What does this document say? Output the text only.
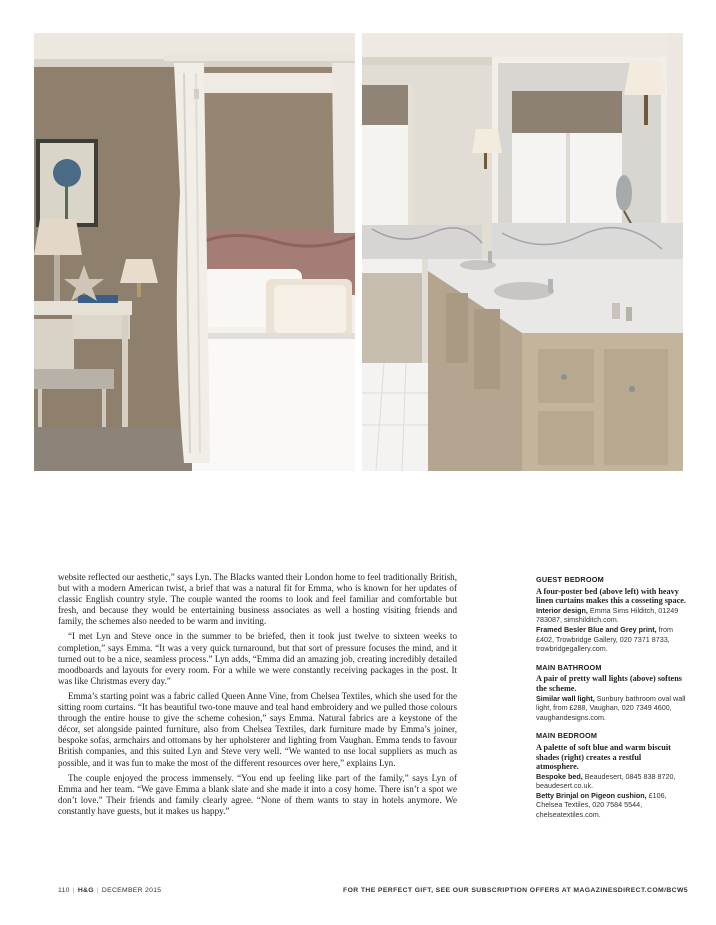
website reflected our aesthetic,” says Lyn. The Blacks wanted their London home to feel traditionally British, but with a modern American twist, a brief that was a natural fit for Emma, who is known for her updates of classic English country style. The couple wanted the rooms to look and feel familiar and comfortable but fresh, and because they would be entertaining business associates as well a hosting visiting friends and family, the schemes also needed to be warm and inviting.

“I met Lyn and Steve once in the summer to be briefed, then it took just twelve to sixteen weeks to completion,” says Emma. “It was a very quick turnaround, but that sort of pressure focuses the mind, and it turned out to be a nice, seamless process.” Lyn adds, “Emma did an amazing job, creating incredibly detailed moodboards and layouts for every room. For a while we were constantly receiving packages in the post. It was like Christmas every day.”

Emma’s starting point was a fabric called Queen Anne Vine, from Chelsea Textiles, which she used for the sitting room curtains. “It has beautiful two-tone mauve and teal hand embroidery and we pulled those colours through the entire house to give the scheme cohesion,” says Emma. Natural fabrics are a keystone of the décor, set alongside painted furniture, also from Chelsea Textiles, dark furniture made by Emma’s joiner, bespoke sofas, armchairs and ottomans by her upholsterer and lighting from Vaughan. Emma tends to favour British companies, and this suited Lyn and Steve very well. “We wanted to use local suppliers as much as possible, and it was fun to make the most of the different resources over here,” explains Lyn.

The couple enjoyed the process immensely. “You end up feeling like part of the family,” says Lyn of Emma and her team. “We gave Emma a blank slate and she made it into a cosy home. There isn’t a spot we don’t love.” Their friends and family clearly agree. “None of them wants to stay in hotels anymore. We constantly have guests, but it makes us happy.”

GUEST BEDROOM
A four-poster bed (above left) with heavy linen curtains makes this a cosseting space.
Interior design, Emma Sims Hilditch, 01249 783087, simshilditch.com.
Framed Besler Blue and Grey print, from £402, Trowbridge Gallery, 020 7371 8733, trowbridgegallery.com.
MAIN BATHROOM
A pair of pretty wall lights (above) softens the scheme.
Similar wall light, Sunbury bathroom oval wall light, from £288, Vaughan, 020 7349 4600, vaughandesigns.com.
MAIN BEDROOM
A palette of soft blue and warm biscuit shades (right) creates a restful atmosphere.
Bespoke bed, Beaudesert, 0845 838 8720, beaudesert.co.uk.
Betty Brinjal on Pigeon cushion, £106, Chelsea Textiles, 020 7584 5544, chelseatextiles.com.
110 | H&G | DECEMBER 2015	FOR THE PERFECT GIFT, SEE OUR SUBSCRIPTION OFFERS AT MAGAZINESDIRECT.COM/BCW5
